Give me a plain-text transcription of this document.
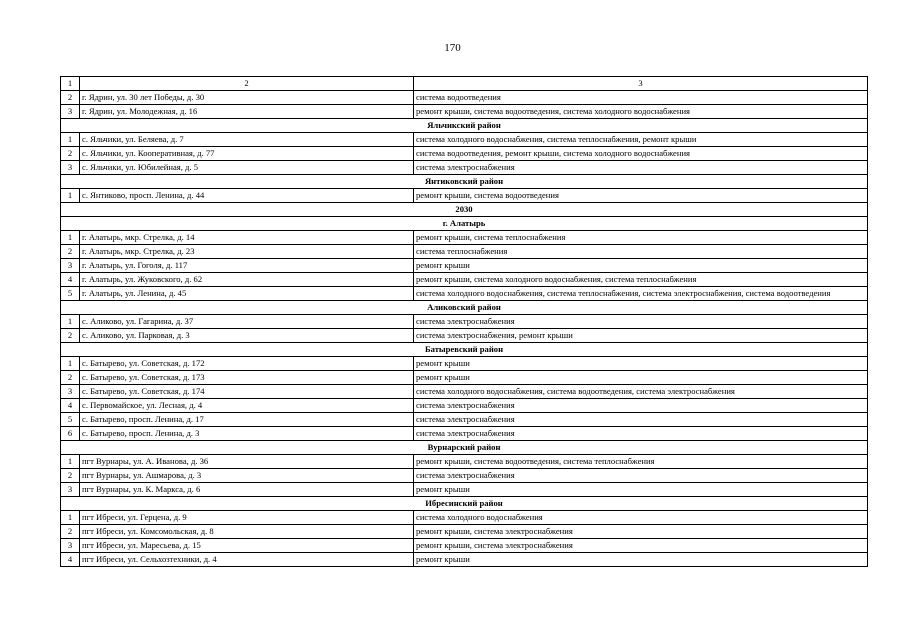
170
1	2	3
2	г. Ядрин, ул. 30 лет Победы, д. 30	система водоотведения
3	г. Ядрин, ул. Молодежная, д. 16	ремонт крыши, система водоотведения, система холодного водоснабжения
Яльчикский район		
1	с. Яльчики, ул. Беляева, д. 7	система холодного водоснабжения, система теплоснабжения, ремонт крыши
2	с. Яльчики, ул. Кооперативная, д. 77	система водоотведения, ремонт крыши, система холодного водоснабжения
3	с. Яльчики, ул. Юбилейная, д. 5	система электроснабжения
Янтиковский район		
1	с. Янтиково, просп. Ленина, д. 44	ремонт крыши, система водоотведения
2030		
г. Алатырь		
1	г. Алатырь, мкр. Стрелка, д. 14	ремонт крыши, система теплоснабжения
2	г. Алатырь, мкр. Стрелка, д. 23	система теплоснабжения
3	г. Алатырь, ул. Гоголя, д. 117	ремонт крыши
4	г. Алатырь, ул. Жуковского, д. 62	ремонт крыши, система холодного водоснабжения, система теплоснабжения
5	г. Алатырь, ул. Ленина, д. 45	система холодного водоснабжения, система теплоснабжения, система электроснабжения, система водоотведения
Аликовский район		
1	с. Аликово, ул. Гагарина, д. 37	система электроснабжения
2	с. Аликово, ул. Парковая, д. 3	система электроснабжения, ремонт крыши
Батыревский район		
1	с. Батырево, ул. Советская, д. 172	ремонт крыши
2	с. Батырево, ул. Советская, д. 173	ремонт крыши
3	с. Батырево, ул. Советская, д. 174	система холодного водоснабжения, система водоотведения, система электроснабжения
4	с. Первомайское, ул. Лесная, д. 4	система электроснабжения
5	с. Батырево, просп. Ленина, д. 17	система электроснабжения
6	с. Батырево, просп. Ленина, д. 3	система электроснабжения
Вурнарский район		
1	пгт Вурнары, ул. А. Иванова, д. 36	ремонт крыши, система водоотведения, система теплоснабжения
2	пгт Вурнары, ул. Ашмарова, д. 3	система электроснабжения
3	пгт Вурнары, ул. К. Маркса, д. 6	ремонт крыши
Ибресинский район		
1	пгт Ибреси, ул. Герцена, д. 9	система холодного водоснабжения
2	пгт Ибреси, ул. Комсомольская, д. 8	ремонт крыши, система электроснабжения
3	пгт Ибреси, ул. Маресьева, д. 15	ремонт крыши, система электроснабжения
4	пгт Ибреси, ул. Сельхозтехники, д. 4	ремонт крыши
